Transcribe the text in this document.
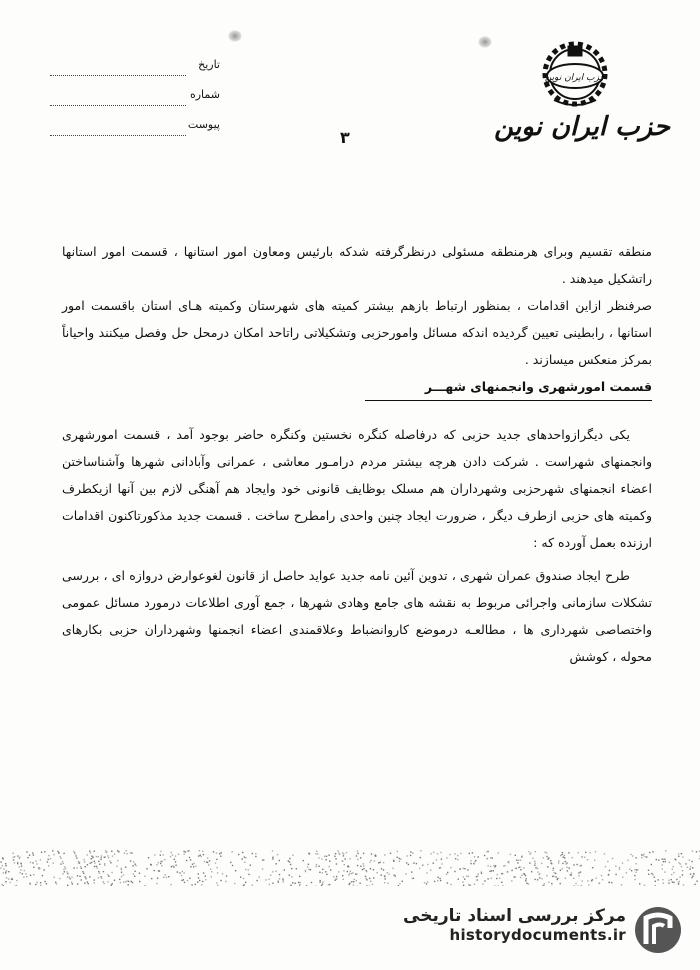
حزب ایران نوین
حزب ایران نوین
تاریخ
شماره
پیوست
۳

منطقه تقسیم وبرای هرمنطقه مسئولی درنظرگرفته شدکه بارئیس ومعاون امور استانها ، قسمت امور استانها راتشکیل میدهند .

صرفنظر ازاین اقدامات ، بمنظور ارتباط بازهم بیشتر کمیته های شهرستان وکمیته هـای استان باقسمت امور استانها ، رابطینی تعیین گردیده اندکه مسائل وامورحزبی وتشکیلاتی راتاحد امکان درمحل حل وفصل میکنند واحیاناً بمرکز منعکس میسازند .

قسمت امورشهری وانجمنهای شهـــر

یکی دیگرازواحدهای جدید حزبی که درفاصله کنگره نخستین وکنگره حاضر بوجود آمد ، قسمت امورشهری وانجمنهای شهراست . شرکت دادن هرچه بیشتر مردم درامـور معاشی ، عمرانی وآبادانی شهرها وآشناساختن اعضاء انجمنهای شهرحزبی وشهرداران هم مسلک بوظایف قانونی خود وایجاد هم آهنگی لازم بین آنها ازیکطرف وکمیته های حزبی ازطرف دیگر ، ضرورت ایجاد چنین واحدی رامطرح ساخت . قسمت جدید مذکورتاکنون اقدامات ارزنده بعمل آورده که :

طرح ایجاد صندوق عمران شهری ، تدوین آئین نامه جدید عواید حاصل از قانون لغوعوارض دروازه ای ، بررسی تشکلات سازمانی واجرائی مربوط به نقشه های جامع وهادی شهرها ، جمع آوری اطلاعات درمورد مسائل عمومی واختصاصی شهرداری ها ، مطالعـه درموضع کاروانضباط وعلاقمندی اعضاء انجمنها وشهرداران حزبی بکارهای محوله ، کوشش

مرکز بررسی اسناد تاریخی
historydocuments.ir
